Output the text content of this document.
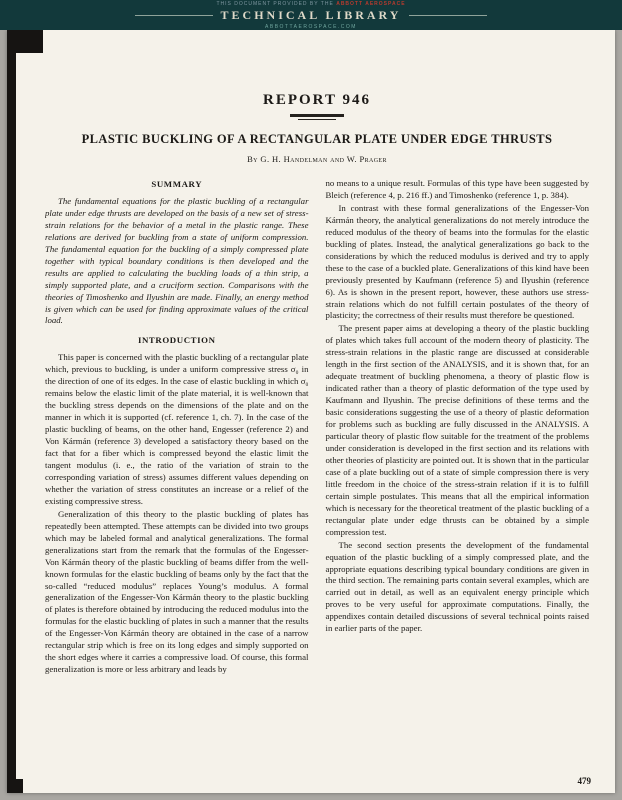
THIS DOCUMENT PROVIDED BY THE ABBOTT AEROSPACE
TECHNICAL LIBRARY
ABBOTTAEROSPACE.COM
REPORT 946
PLASTIC BUCKLING OF A RECTANGULAR PLATE UNDER EDGE THRUSTS
By G. H. Handelman and W. Prager
SUMMARY

The fundamental equations for the plastic buckling of a rectangular plate under edge thrusts are developed on the basis of a new set of stress-strain relations for the behavior of a metal in the plastic range. These relations are derived for buckling from a state of uniform compression. The fundamental equation for the buckling of a simply compressed plate together with typical boundary conditions is then developed and the results are applied to calculating the buckling loads of a thin strip, a simply supported plate, and a cruciform section. Comparisons with the theories of Timoshenko and Ilyushin are made. Finally, an energy method is given which can be used for finding approximate values of the critical load.

INTRODUCTION

This paper is concerned with the plastic buckling of a rectangular plate which, previous to buckling, is under a uniform compressive stress σ₀ in the direction of one of its edges. In the case of elastic buckling in which σ₀ remains below the elastic limit of the plate material, it is well-known that the buckling stress depends on the dimensions of the plate and on the manner in which it is supported (cf. reference 1, ch. 7). In the case of the plastic buckling of beams, on the other hand, Engesser (reference 2) and Von Kármán (reference 3) developed a satisfactory theory based on the fact that for a fiber which is compressed beyond the elastic limit the tangent modulus (i. e., the ratio of the variation of strain to the corresponding variation of stress) assumes different values depending on whether the variation of stress constitutes an increase or a relief of the existing compressive stress.

Generalization of this theory to the plastic buckling of plates has repeatedly been attempted. These attempts can be divided into two groups which may be labeled formal and analytical generalizations. The formal generalizations start from the remark that the formulas of the Engesser-Von Kármán theory of the plastic buckling of beams differ from the well-known formulas for the elastic buckling of beams only by the fact that the so-called “reduced modulus” replaces Young’s modulus. A formal generalization of the Engesser-Von Kármán theory to the plastic buckling of plates is therefore obtained by introducing the reduced modulus into the formulas for the elastic buckling of plates in such a manner that the results of the Engesser-Von Kármán theory are obtained in the case of a narrow rectangular strip which is free on its long edges and simply supported on the short edges where it carries a compressive load. Of course, this formal generalization is more or less arbitrary and leads by

no means to a unique result. Formulas of this type have been suggested by Bleich (reference 4, p. 216 ff.) and Timoshenko (reference 1, p. 384).

In contrast with these formal generalizations of the Engesser-Von Kármán theory, the analytical generalizations do not merely introduce the reduced modulus of the theory of beams into the formulas for the elastic buckling of plates. Instead, the analytical generalizations go back to the considerations by which the reduced modulus is derived and try to apply these to the case of a buckled plate. Generalizations of this kind have been previously presented by Kaufmann (reference 5) and Ilyushin (reference 6). As is shown in the present report, however, these authors use stress-strain relations which do not fulfill certain postulates of the theory of plasticity; the correctness of their results must therefore be questioned.

The present paper aims at developing a theory of the plastic buckling of plates which takes full account of the modern theory of plasticity. The stress-strain relations in the plastic range are discussed at considerable length in the first section of the ANALYSIS, and it is shown that, for an adequate treatment of buckling phenomena, a theory of plastic flow is indicated rather than a theory of plastic deformation of the type used by Kaufmann and Ilyushin. The precise definitions of these terms and the basic considerations suggesting the use of a theory of plastic deformation for problems such as buckling are fully discussed in the ANALYSIS. A particular theory of plastic flow suitable for the treatment of the problems under consideration is developed in the first section and its relations with other theories of plasticity are pointed out. It is shown that in the particular case of a plate buckling out of a state of simple compression there is very little freedom in the choice of the stress-strain relation if it is to fulfill certain simple postulates. This means that all the empirical information which is necessary for the theoretical treatment of the plastic buckling of a rectangular plate under edge thrusts can be obtained by a simple compression test.

The second section presents the development of the fundamental equation of the plastic buckling of a simply compressed plate, and the appropriate equations describing typical boundary conditions are given in the third section. The remaining parts contain several examples, which are carried out in detail, as well as an equivalent energy principle which proves to be very useful for approximate computations. Finally, the appendixes contain detailed discussions of several technical points raised in earlier parts of the paper.

479
